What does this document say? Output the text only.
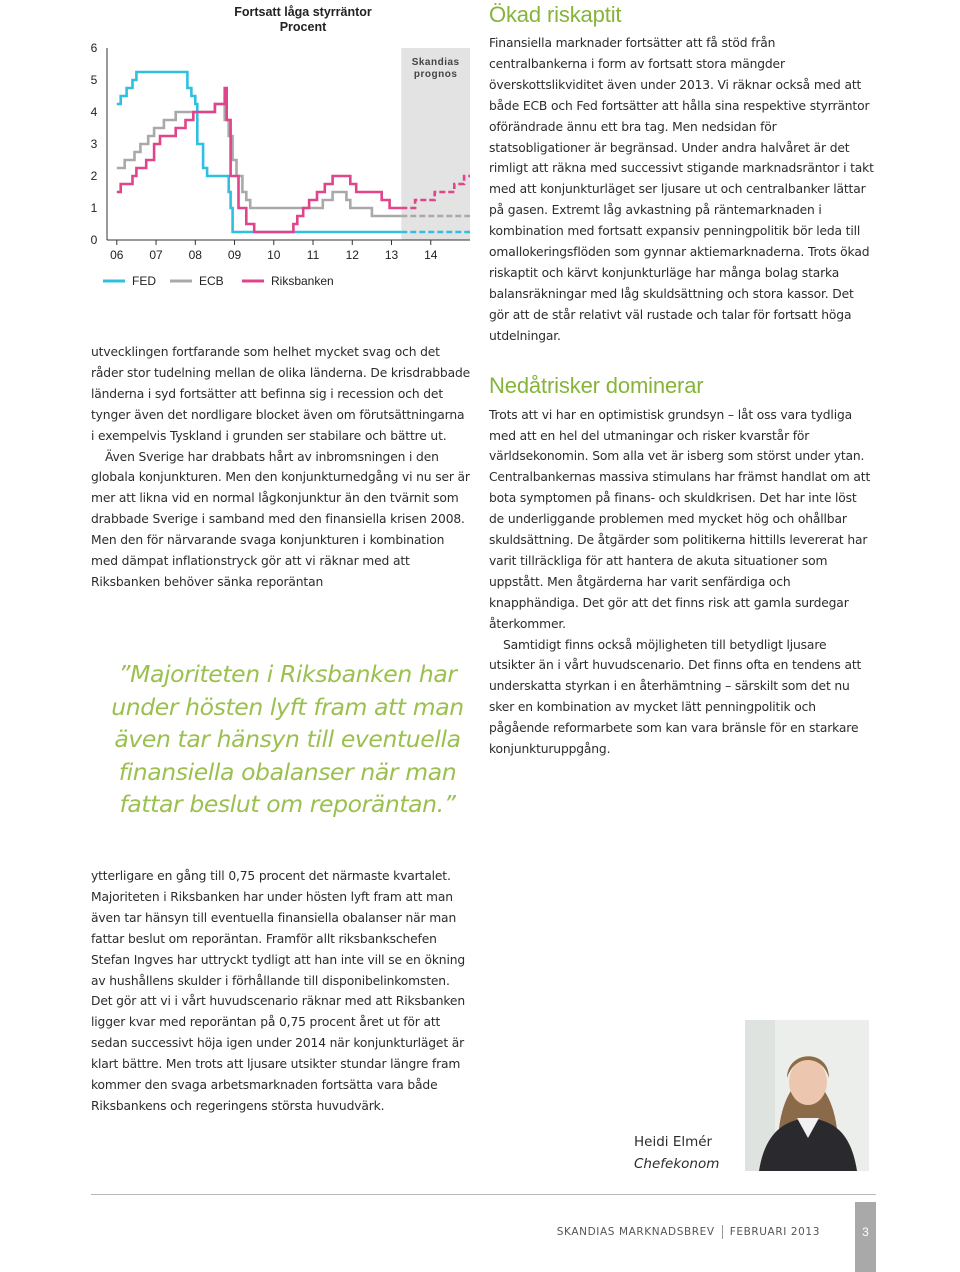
0
1
2
3
4
5
6
06 07 08 09 10 11 12 13 14
Skandias
prognos
FED	ECB	Riksbanken
Fortsatt låga styrräntor
Procent

utvecklingen fortfarande som helhet mycket svag och det råder stor tudelning mellan de olika länderna. De krisdrabbade länderna i syd fortsätter att befinna sig i recession och det tynger även det nordligare blocket även om förutsättningarna i exempelvis Tyskland i grunden ser stabilare och bättre ut.

Även Sverige har drabbats hårt av inbromsningen i den globala konjunkturen. Men den konjunkturnedgång vi nu ser är mer att likna vid en normal lågkonjunktur än den tvärnit som drabbade Sverige i samband med den finansiella krisen 2008. Men den för närvarande svaga konjunkturen i kombination med dämpat inflationstryck gör att vi räknar med att Riksbanken behöver sänka reporäntan

”Majoriteten i Riksbanken har under hösten lyft fram att man även tar hänsyn till eventuella finansiella obalanser när man fattar beslut om reporäntan.”

ytterligare en gång till 0,75 procent det närmaste kvartalet. Majoriteten i Riksbanken har under hösten lyft fram att man även tar hänsyn till eventuella finansiella obalanser när man fattar beslut om reporäntan. Framför allt riksbankschefen Stefan Ingves har uttryckt tydligt att han inte vill se en ökning av hushållens skulder i förhållande till disponibelinkomsten. Det gör att vi i vårt huvudscenario räknar med att Riksbanken ligger kvar med reporäntan på 0,75 procent året ut för att sedan successivt höja igen under 2014 när konjunkturläget är klart bättre. Men trots att ljusare utsikter stundar längre fram kommer den svaga arbetsmarknaden fortsätta vara både Riksbankens och regeringens största huvudvärk.

Ökad riskaptit

Finansiella marknader fortsätter att få stöd från centralbankerna i form av fortsatt stora mängder överskottslikviditet även under 2013. Vi räknar också med att både ECB och Fed fortsätter att hålla sina respektive styrräntor oförändrade ännu ett bra tag. Men nedsidan för statsobligationer är begränsad. Under andra halvåret är det rimligt att räkna med successivt stigande marknadsräntor i takt med att konjunkturläget ser ljusare ut och centralbanker lättar på gasen. Extremt låg avkastning på räntemarknaden i kombination med fortsatt expansiv penningpolitik bör leda till omallokeringsflöden som gynnar aktiemarknaderna. Trots ökad riskaptit och kärvt konjunkturläge har många bolag starka balansräkningar med låg skuldsättning och stora kassor. Det gör att de står relativt väl rustade och talar för fortsatt höga utdelningar.

Nedåtrisker dominerar

Trots att vi har en optimistisk grundsyn – låt oss vara tydliga med att en hel del utmaningar och risker kvarstår för världsekonomin. Som alla vet är isberg som störst under ytan. Centralbankernas massiva stimulans har främst handlat om att bota symptomen på finans- och skuldkrisen. Det har inte löst de underliggande problemen med mycket hög och ohållbar skuldsättning. De åtgärder som politikerna hittills levererat har varit tillräckliga för att hantera de akuta situationer som uppstått. Men åtgärderna har varit senfärdiga och knapphändiga. Det gör att det finns risk att gamla surdegar återkommer.

Samtidigt finns också möjligheten till betydligt ljusare utsikter än i vårt huvudscenario. Det finns ofta en tendens att underskatta styrkan i en återhämtning – särskilt som det nu sker en kombination av mycket lätt penningpolitik och pågående reformarbete som kan vara bränsle för en starkare konjunkturuppgång.

Heidi Elmér
Chefekonom
SKANDIAS MARKNADSBREV FEBRUARI 2013	3
